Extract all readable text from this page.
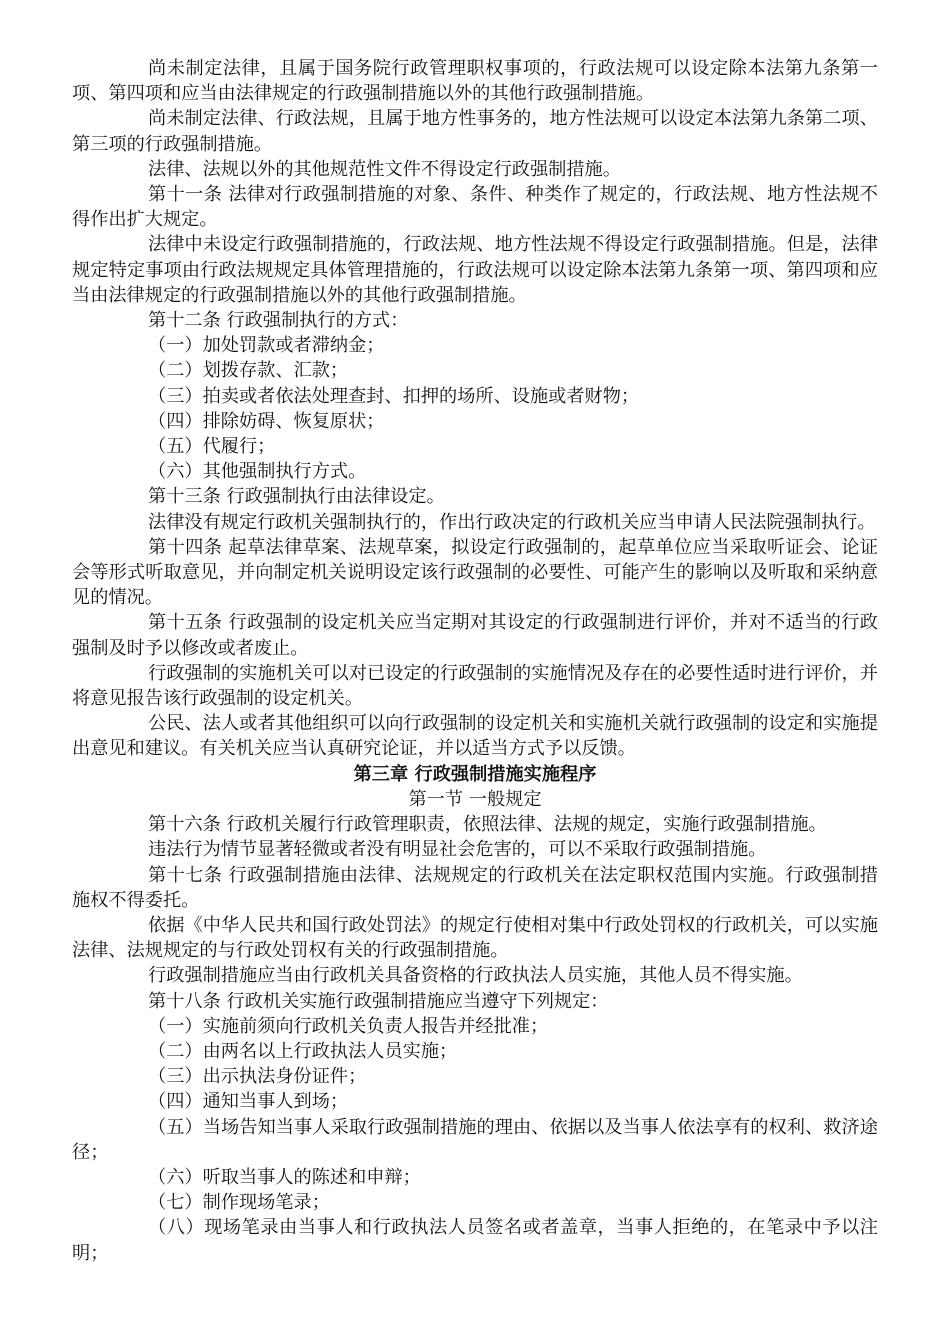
尚未制定法律，且属于国务院行政管理职权事项的，行政法规可以设定除本法第九条第一项、第四项和应当由法律规定的行政强制措施以外的其他行政强制措施。

尚未制定法律、行政法规，且属于地方性事务的，地方性法规可以设定本法第九条第二项、第三项的行政强制措施。

法律、法规以外的其他规范性文件不得设定行政强制措施。

第十一条 法律对行政强制措施的对象、条件、种类作了规定的，行政法规、地方性法规不得作出扩大规定。

法律中未设定行政强制措施的，行政法规、地方性法规不得设定行政强制措施。但是，法律规定特定事项由行政法规规定具体管理措施的，行政法规可以设定除本法第九条第一项、第四项和应当由法律规定的行政强制措施以外的其他行政强制措施。

第十二条 行政强制执行的方式：

（一）加处罚款或者滞纳金；

（二）划拨存款、汇款；

（三）拍卖或者依法处理查封、扣押的场所、设施或者财物；

（四）排除妨碍、恢复原状；

（五）代履行；

（六）其他强制执行方式。

第十三条 行政强制执行由法律设定。

法律没有规定行政机关强制执行的，作出行政决定的行政机关应当申请人民法院强制执行。

第十四条 起草法律草案、法规草案，拟设定行政强制的，起草单位应当采取听证会、论证会等形式听取意见，并向制定机关说明设定该行政强制的必要性、可能产生的影响以及听取和采纳意见的情况。

第十五条 行政强制的设定机关应当定期对其设定的行政强制进行评价，并对不适当的行政强制及时予以修改或者废止。

行政强制的实施机关可以对已设定的行政强制的实施情况及存在的必要性适时进行评价，并将意见报告该行政强制的设定机关。

公民、法人或者其他组织可以向行政强制的设定机关和实施机关就行政强制的设定和实施提出意见和建议。有关机关应当认真研究论证，并以适当方式予以反馈。

第三章 行政强制措施实施程序

第一节 一般规定

第十六条 行政机关履行行政管理职责，依照法律、法规的规定，实施行政强制措施。

违法行为情节显著轻微或者没有明显社会危害的，可以不采取行政强制措施。

第十七条 行政强制措施由法律、法规规定的行政机关在法定职权范围内实施。行政强制措施权不得委托。

依据《中华人民共和国行政处罚法》的规定行使相对集中行政处罚权的行政机关，可以实施法律、法规规定的与行政处罚权有关的行政强制措施。

行政强制措施应当由行政机关具备资格的行政执法人员实施，其他人员不得实施。

第十八条 行政机关实施行政强制措施应当遵守下列规定：

（一）实施前须向行政机关负责人报告并经批准；

（二）由两名以上行政执法人员实施；

（三）出示执法身份证件；

（四）通知当事人到场；

（五）当场告知当事人采取行政强制措施的理由、依据以及当事人依法享有的权利、救济途径；

（六）听取当事人的陈述和申辩；

（七）制作现场笔录；

（八）现场笔录由当事人和行政执法人员签名或者盖章，当事人拒绝的，在笔录中予以注明；
